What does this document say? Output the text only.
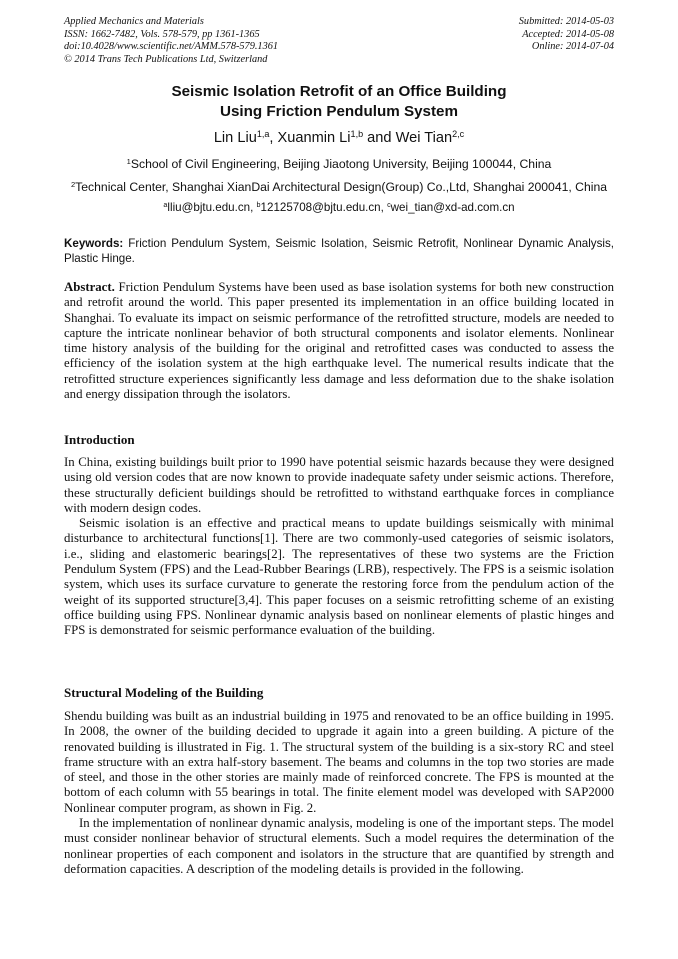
Applied Mechanics and Materials
ISSN: 1662-7482, Vols. 578-579, pp 1361-1365
doi:10.4028/www.scientific.net/AMM.578-579.1361
© 2014 Trans Tech Publications Ltd, Switzerland
Submitted: 2014-05-03
Accepted: 2014-05-08
Online: 2014-07-04
Seismic Isolation Retrofit of an Office Building
Using Friction Pendulum System
Lin Liu$^{1,a}$, Xuanmin Li$^{1,b}$ and Wei Tian$^{2,c}$
$^1$School of Civil Engineering, Beijing Jiaotong University, Beijing 100044, China
$^2$Technical Center, Shanghai XianDai Architectural Design(Group) Co.,Ltd, Shanghai 200041, China
$^a$lliu@bjtu.edu.cn, $^b$12125708@bjtu.edu.cn, $^c$wei_tian@xd-ad.com.cn
Keywords: Friction Pendulum System, Seismic Isolation, Seismic Retrofit, Nonlinear Dynamic Analysis, Plastic Hinge.

Abstract. Friction Pendulum Systems have been used as base isolation systems for both new construction and retrofit around the world. This paper presented its implementation in an office building located in Shanghai. To evaluate its impact on seismic performance of the retrofitted structure, models are needed to capture the intricate nonlinear behavior of both structural components and isolator elements. Nonlinear time history analysis of the building for the original and retrofitted cases was conducted to assess the efficiency of the isolation system at the high earthquake level. The numerical results indicate that the retrofitted structure experiences significantly less damage and less deformation due to the shake isolation and energy dissipation through the isolators.

Introduction

In China, existing buildings built prior to 1990 have potential seismic hazards because they were designed using old version codes that are now known to provide inadequate safety under seismic actions. Therefore, these structurally deficient buildings should be retrofitted to withstand earthquake forces in compliance with modern design codes.

Seismic isolation is an effective and practical means to update buildings seismically with minimal disturbance to architectural functions[1]. There are two commonly-used categories of seismic isolators, i.e., sliding and elastomeric bearings[2]. The representatives of these two systems are the Friction Pendulum System (FPS) and the Lead-Rubber Bearings (LRB), respectively. The FPS is a seismic isolation system, which uses its surface curvature to generate the restoring force from the pendulum action of the weight of its supported structure[3,4]. This paper focuses on a seismic retrofitting scheme of an existing office building using FPS. Nonlinear dynamic analysis based on nonlinear elements of plastic hinges and FPS is demonstrated for seismic performance evaluation of the building.

Structural Modeling of the Building

Shendu building was built as an industrial building in 1975 and renovated to be an office building in 1995. In 2008, the owner of the building decided to upgrade it again into a green building. A picture of the renovated building is illustrated in Fig. 1. The structural system of the building is a six-story RC and steel frame structure with an extra half-story basement. The beams and columns in the top two stories are made of steel, and those in the other stories are mainly made of reinforced concrete. The FPS is mounted at the bottom of each column with 55 bearings in total. The finite element model was developed with SAP2000 Nonlinear computer program, as shown in Fig. 2.

In the implementation of nonlinear dynamic analysis, modeling is one of the important steps. The model must consider nonlinear behavior of structural elements. Such a model requires the determination of the nonlinear properties of each component and isolators in the structure that are quantified by strength and deformation capacities. A description of the modeling details is provided in the following.
